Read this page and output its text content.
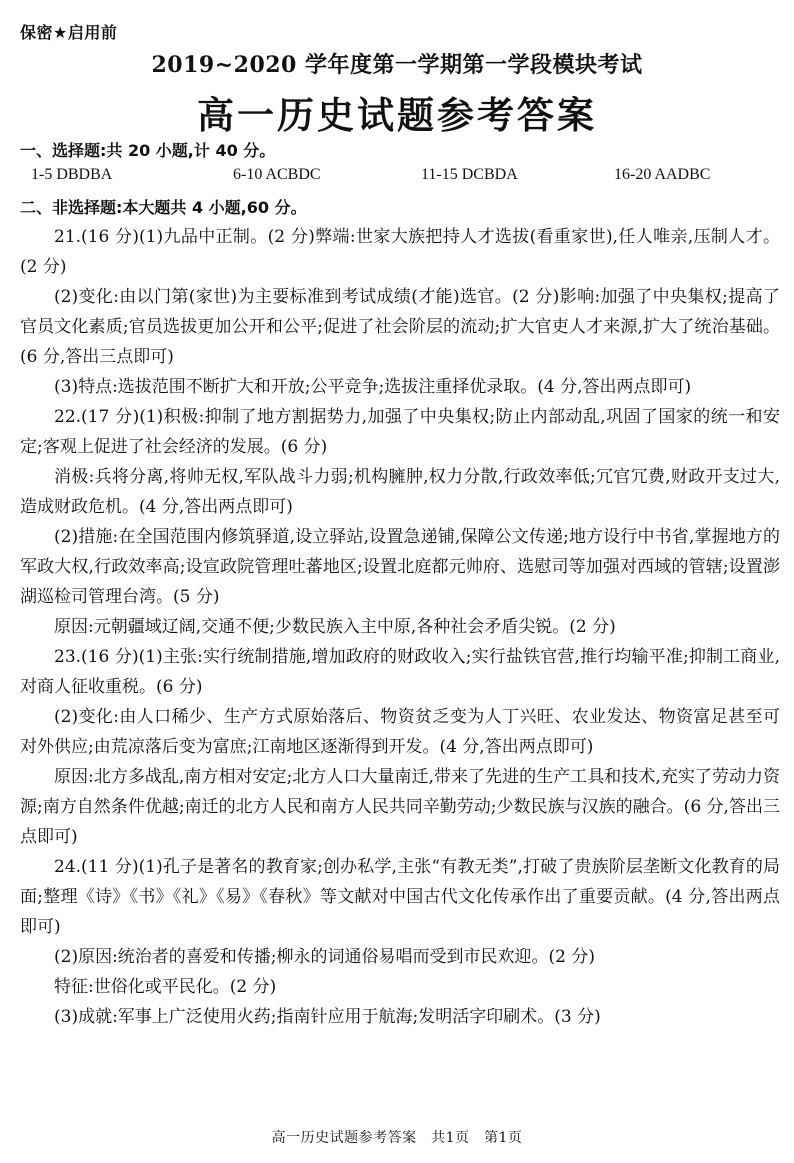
保密★启用前
2019~2020 学年度第一学期第一学段模块考试
高一历史试题参考答案
一、选择题:共 20 小题,计 40 分。
1-5 DBDBA	6-10 ACBDC	11-15 DCBDA	16-20 AADBC
二、非选择题:本大题共 4 小题,60 分。

21.(16 分)(1)九品中正制。(2 分)弊端:世家大族把持人才选拔(看重家世),任人唯亲,压制人才。(2 分)

(2)变化:由以门第(家世)为主要标准到考试成绩(才能)选官。(2 分)影响:加强了中央集权;提高了官员文化素质;官员选拔更加公开和公平;促进了社会阶层的流动;扩大官吏人才来源,扩大了统治基础。(6 分,答出三点即可)

(3)特点:选拔范围不断扩大和开放;公平竞争;选拔注重择优录取。(4 分,答出两点即可)

22.(17 分)(1)积极:抑制了地方割据势力,加强了中央集权;防止内部动乱,巩固了国家的统一和安定;客观上促进了社会经济的发展。(6 分)

消极:兵将分离,将帅无权,军队战斗力弱;机构臃肿,权力分散,行政效率低;冗官冗费,财政开支过大,造成财政危机。(4 分,答出两点即可)

(2)措施:在全国范围内修筑驿道,设立驿站,设置急递铺,保障公文传递;地方设行中书省,掌握地方的军政大权,行政效率高;设宣政院管理吐蕃地区;设置北庭都元帅府、选慰司等加强对西域的管辖;设置澎湖巡检司管理台湾。(5 分)

原因:元朝疆域辽阔,交通不便;少数民族入主中原,各种社会矛盾尖锐。(2 分)

23.(16 分)(1)主张:实行统制措施,增加政府的财政收入;实行盐铁官营,推行均输平准;抑制工商业,对商人征收重税。(6 分)

(2)变化:由人口稀少、生产方式原始落后、物资贫乏变为人丁兴旺、农业发达、物资富足甚至可对外供应;由荒凉落后变为富庶;江南地区逐渐得到开发。(4 分,答出两点即可)

原因:北方多战乱,南方相对安定;北方人口大量南迁,带来了先进的生产工具和技术,充实了劳动力资源;南方自然条件优越;南迁的北方人民和南方人民共同辛勤劳动;少数民族与汉族的融合。(6 分,答出三点即可)

24.(11 分)(1)孔子是著名的教育家;创办私学,主张“有教无类”,打破了贵族阶层垄断文化教育的局面;整理《诗》《书》《礼》《易》《春秋》等文献对中国古代文化传承作出了重要贡献。(4 分,答出两点即可)

(2)原因:统治者的喜爱和传播;柳永的词通俗易唱而受到市民欢迎。(2 分)

特征:世俗化或平民化。(2 分)

(3)成就:军事上广泛使用火药;指南针应用于航海;发明活字印刷术。(3 分)

高一历史试题参考答案　共1页　第1页
